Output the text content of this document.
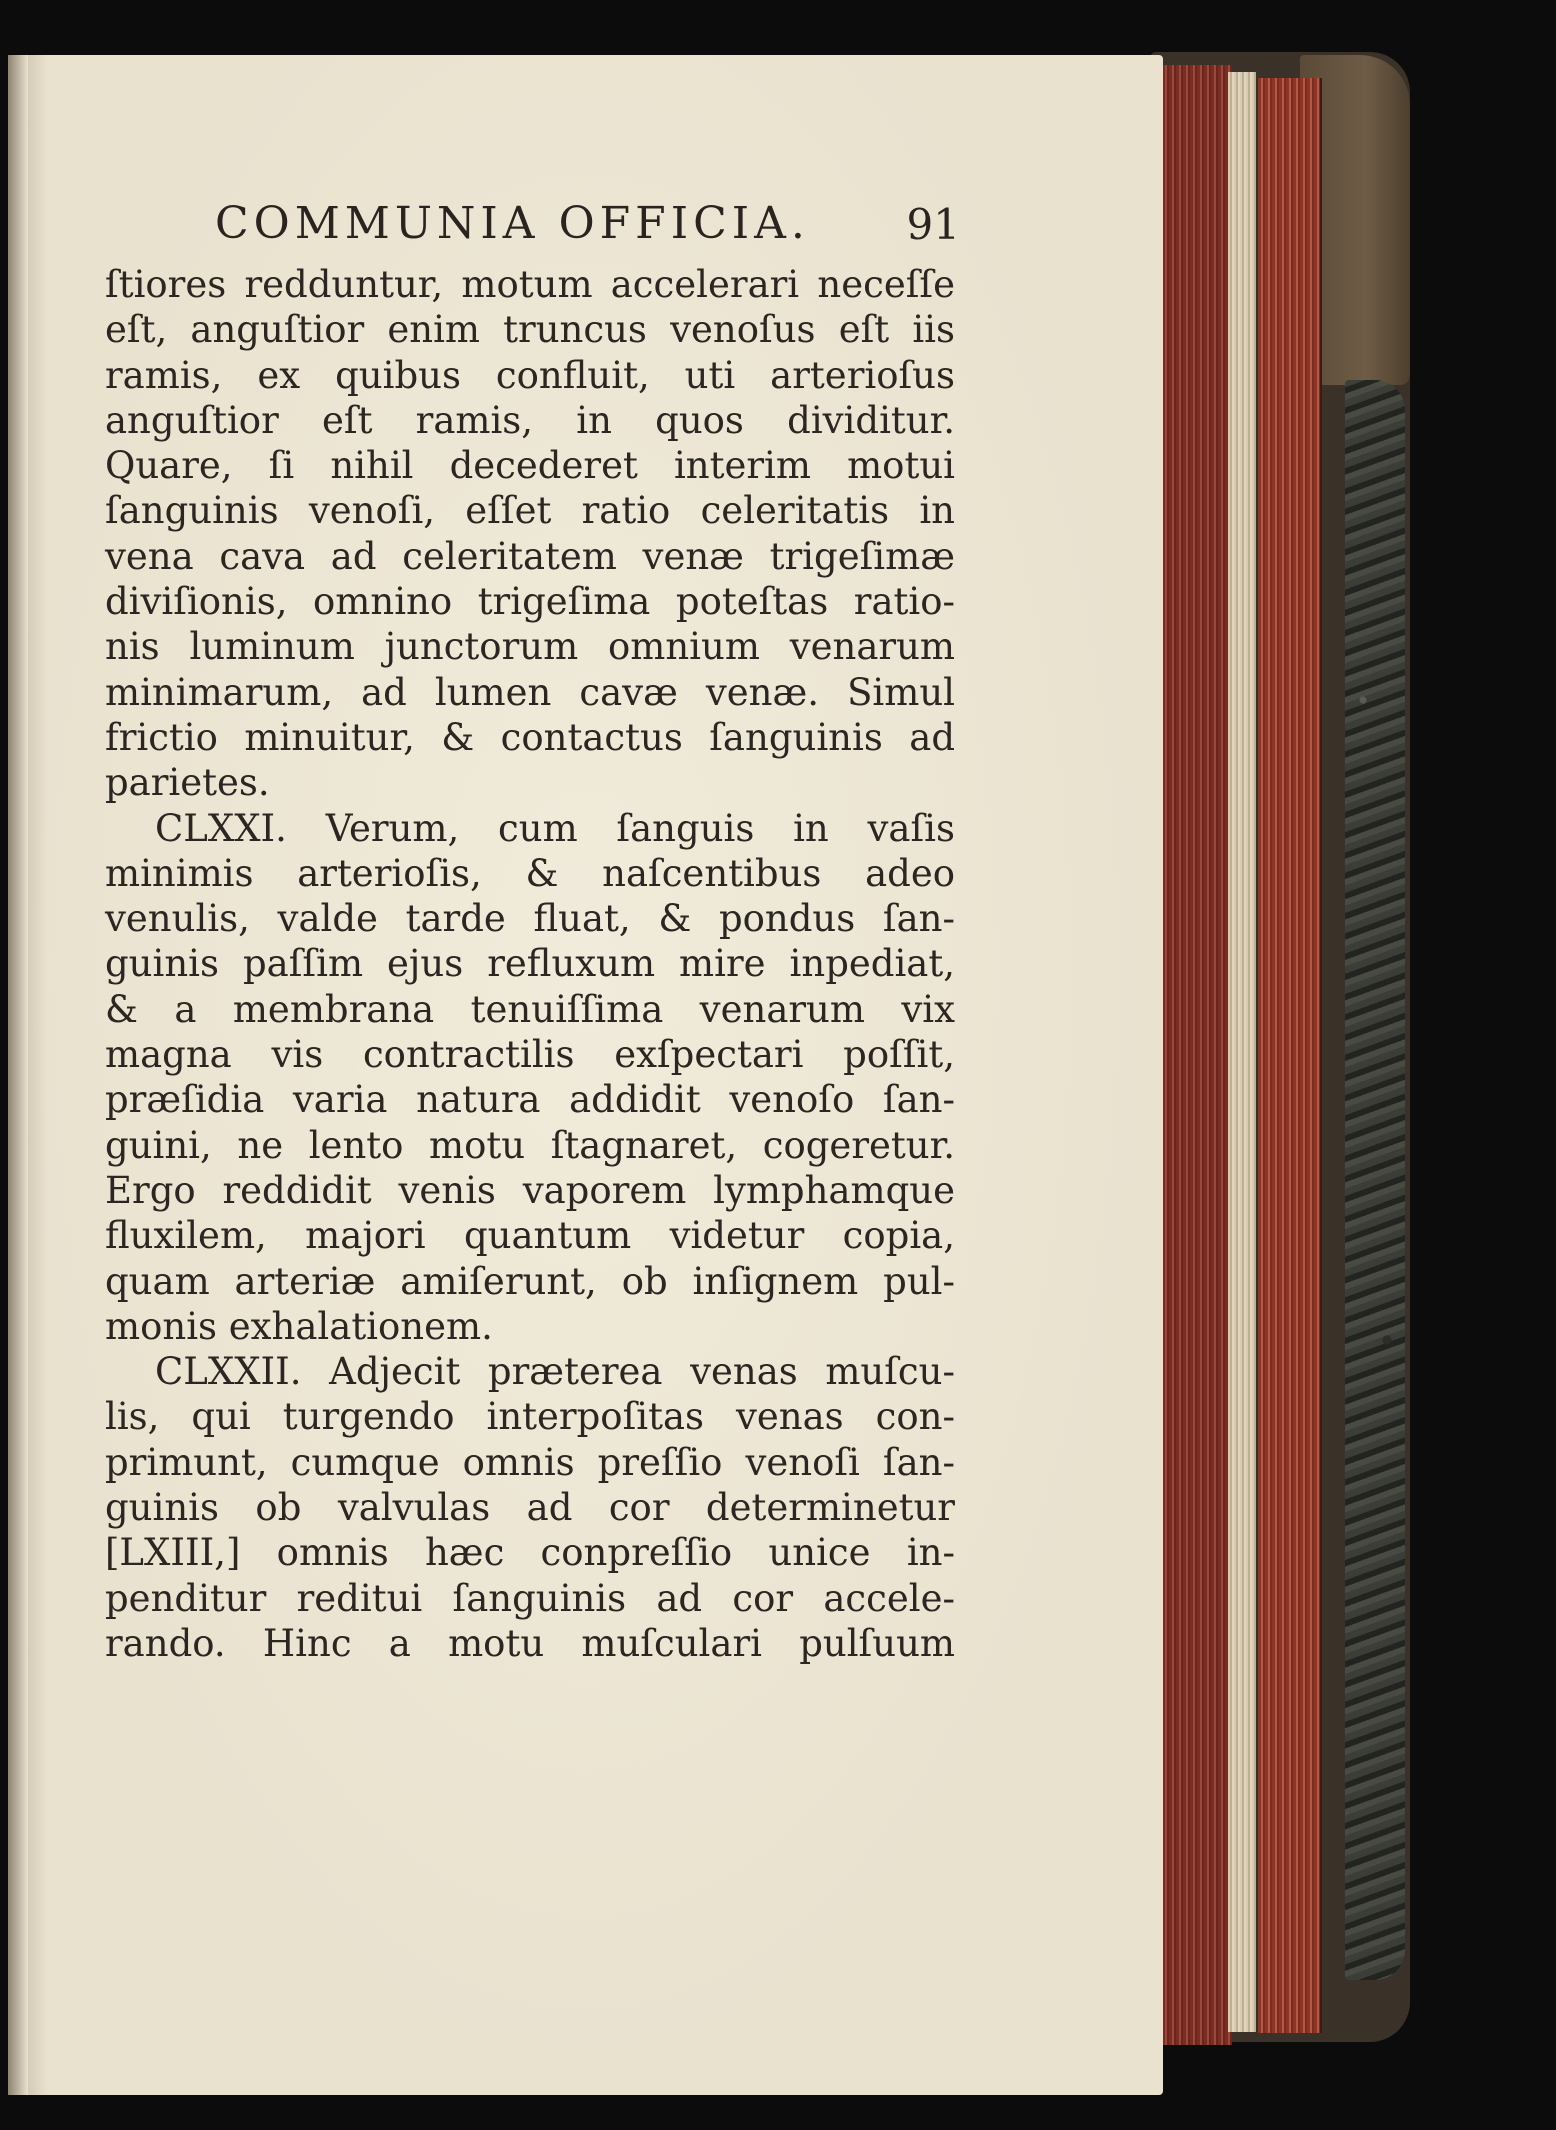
COMMUNIA OFFICIA. 91
ſtiores redduntur, motum accelerari neceſſe
eſt, anguſtior enim truncus venoſus eſt iis
ramis, ex quibus confluit, uti arterioſus
anguſtior eſt ramis, in quos dividitur.
Quare, ſi nihil decederet interim motui
ſanguinis venoſi, eſſet ratio celeritatis in
vena cava ad celeritatem venæ trigeſimæ
diviſionis, omnino trigeſima poteſtas ratio-
nis luminum junctorum omnium venarum
minimarum, ad lumen cavæ venæ. Simul
frictio minuitur, & contactus ſanguinis ad
parietes.
CLXXI. Verum, cum ſanguis in vaſis
minimis arterioſis, & naſcentibus adeo
venulis, valde tarde fluat, & pondus ſan-
guinis paſſim ejus refluxum mire inpediat,
& a membrana tenuiſſima venarum vix
magna vis contractilis exſpectari poſſit,
præſidia varia natura addidit venoſo ſan-
guini, ne lento motu ſtagnaret, cogeretur.
Ergo reddidit venis vaporem lymphamque
fluxilem, majori quantum videtur copia,
quam arteriæ amiſerunt, ob inſignem pul-
monis exhalationem.
CLXXII. Adjecit præterea venas muſcu-
lis, qui turgendo interpoſitas venas con-
primunt, cumque omnis preſſio venoſi ſan-
guinis ob valvulas ad cor determinetur
[LXIII,] omnis hæc conpreſſio unice in-
penditur reditui ſanguinis ad cor accele-
rando. Hinc a motu muſculari pulſuum
